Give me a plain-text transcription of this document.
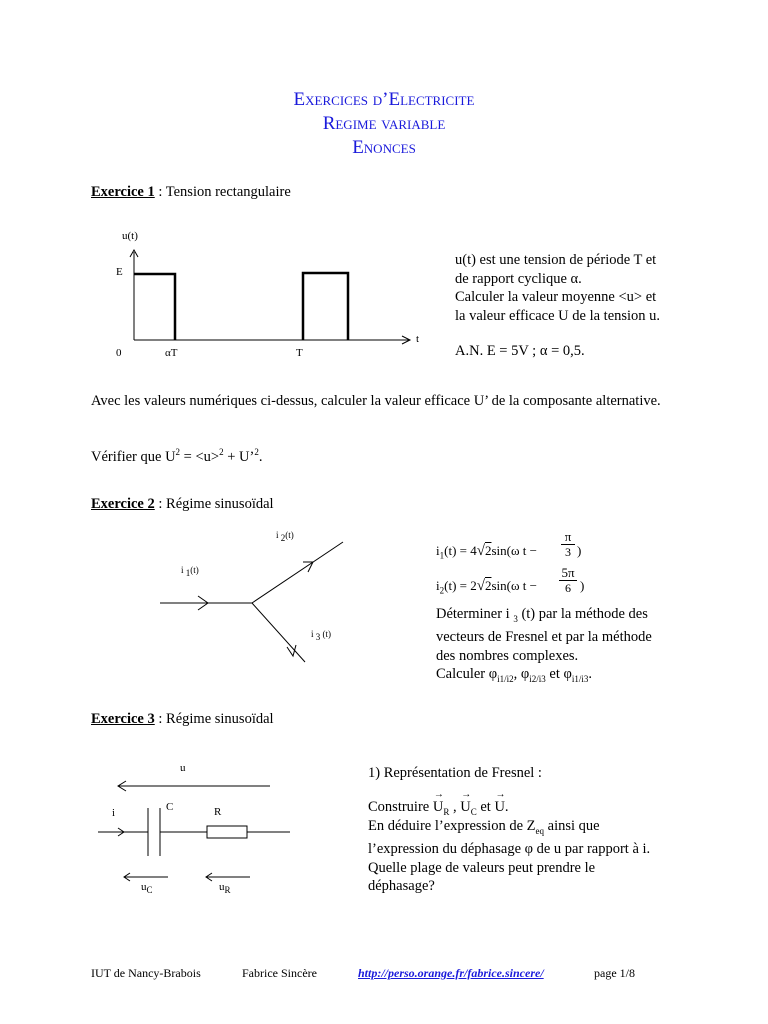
Exercices d’Electricite
Regime variable
Enonces
Exercice 1 : Tension rectangulaire
u(t)
E
t
0	αT	T
u(t) est une tension de période T et
de rapport cyclique α.
Calculer la valeur moyenne <u> et
la valeur efficace U de la tension u.
A.N. E = 5V ; α = 0,5.
Avec les valeurs numériques ci-dessus, calculer la valeur efficace U’ de la composante alternative.
Vérifier que $U^2 = <u>^2$ + U’$^2$.
Exercice 2 : Régime sinusoïdal
i $_2$(t)
i $_1$(t)
i $_3$ (t)
$i_1(t) = 4√2\sin(\omega$ $t - \frac{\pi}{3}$ )
$i_2(t) = 2√2\sin(\omega$ $t - \frac{5\pi}{6}$ )
Déterminer i $_3$ (t) par la méthode des
vecteurs de Fresnel et par la méthode
des nombres complexes.
Calculer $\varphi_{i1/i2}$, $\varphi_{i2/i3}$ et $\varphi_{i1/i3}$.
Exercice 3 : Régime sinusoïdal
u
i	C	R
$u_C$	$u_R$
1) Représentation de Fresnel :
Construire → $U_R$ , → $U_C$ et → U.
En déduire l’expression de $Z_{eq}$ ainsi que
l’expression du déphasage φ de u par rapport à i.
Quelle plage de valeurs peut prendre le
déphasage?
IUT de Nancy-Brabois	Fabrice Sincère	http://perso.orange.fr/fabrice.sincere/	page 1/8
